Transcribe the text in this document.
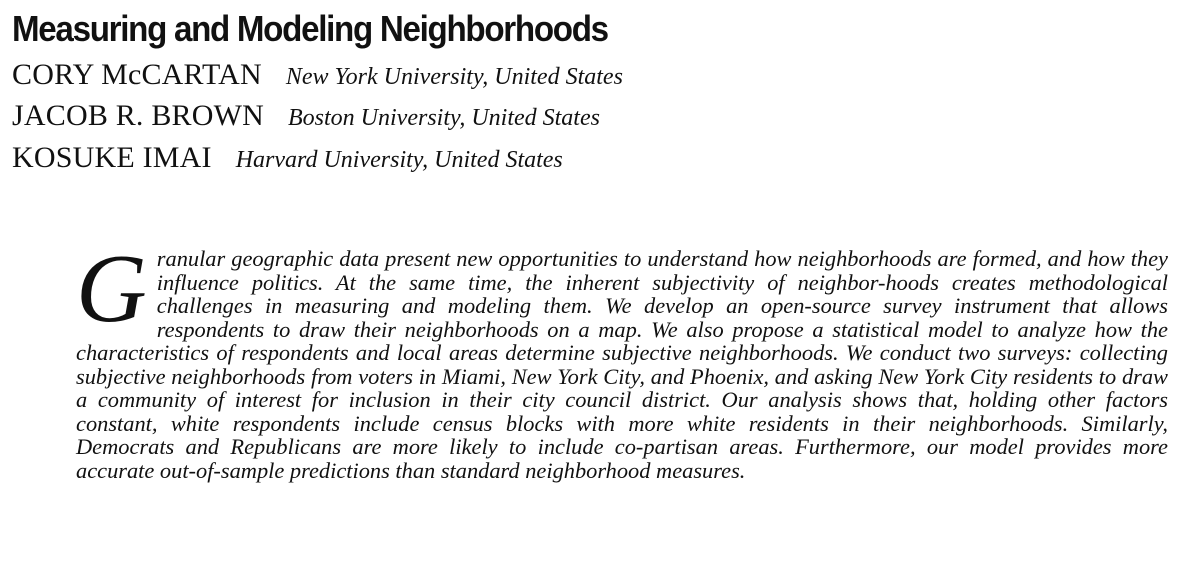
Measuring and Modeling Neighborhoods
CORY McCARTAN New York University, United States
JACOB R. BROWN Boston University, United States
KOSUKE IMAI Harvard University, United States

Granular geographic data present new opportunities to understand how neighborhoods are formed, and how they influence politics. At the same time, the inherent subjectivity of neighbor-hoods creates methodological challenges in measuring and modeling them. We develop an open-source survey instrument that allows respondents to draw their neighborhoods on a map. We also propose a statistical model to analyze how the characteristics of respondents and local areas determine subjective neighborhoods. We conduct two surveys: collecting subjective neighborhoods from voters in Miami, New York City, and Phoenix, and asking New York City residents to draw a community of interest for inclusion in their city council district. Our analysis shows that, holding other factors constant, white respondents include census blocks with more white residents in their neighborhoods. Similarly, Democrats and Republicans are more likely to include co-partisan areas. Furthermore, our model provides more accurate out-of-sample predictions than standard neighborhood measures.
